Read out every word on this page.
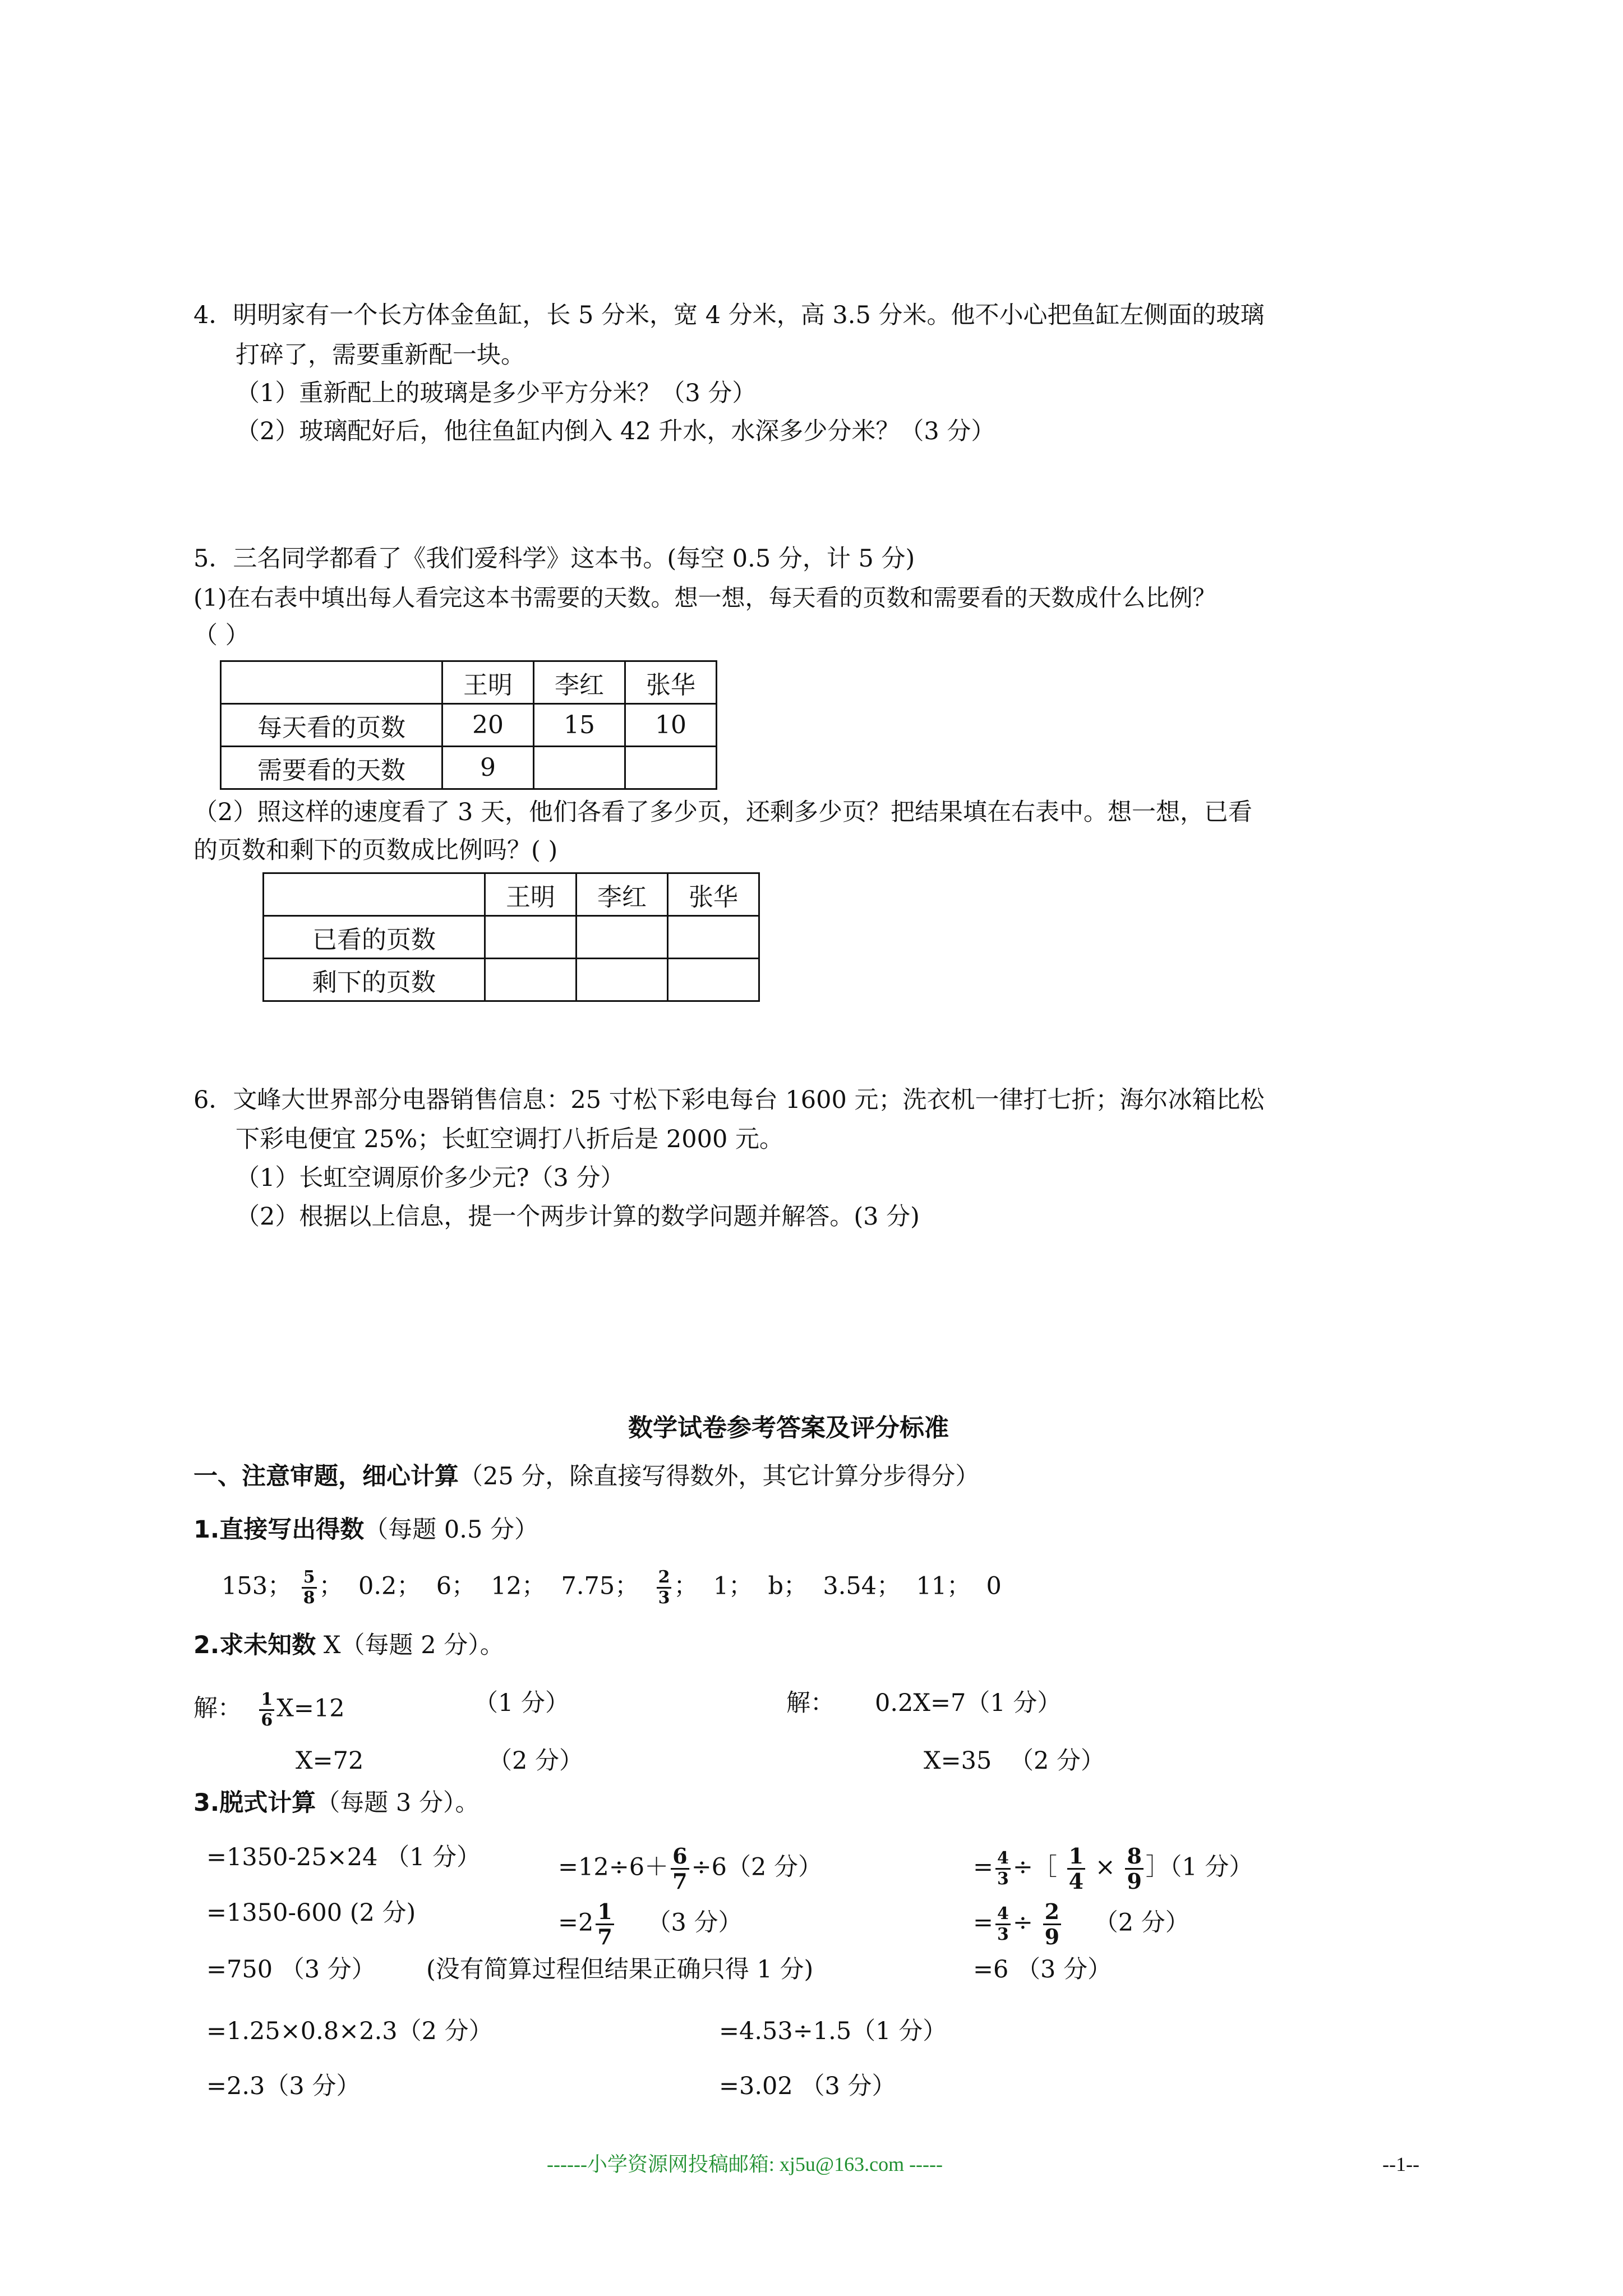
4．明明家有一个长方体金鱼缸，长 5 分米，宽 4 分米，高 3.5 分米。他不小心把鱼缸左侧面的玻璃
打碎了，需要重新配一块。
（1）重新配上的玻璃是多少平方分米？（3 分）
（2）玻璃配好后，他往鱼缸内倒入 42 升水，水深多少分米？（3 分）
5．三名同学都看了《我们爱科学》这本书。(每空 0.5 分，计 5 分)
(1)在右表中填出每人看完这本书需要的天数。想一想，每天看的页数和需要看的天数成什么比例？
（ ）
	王明	李红	张华
每天看的页数	20	15	10
需要看的天数	9		
（2）照这样的速度看了 3 天，他们各看了多少页，还剩多少页？把结果填在右表中。想一想，已看
的页数和剩下的页数成比例吗？( )
	王明	李红	张华
已看的页数			
剩下的页数			
6．文峰大世界部分电器销售信息：25 寸松下彩电每台 1600 元；洗衣机一律打七折；海尔冰箱比松
下彩电便宜 25%；长虹空调打八折后是 2000 元。
（1）长虹空调原价多少元?（3 分）
（2）根据以上信息，提一个两步计算的数学问题并解答。(3 分)
数学试卷参考答案及评分标准
一、注意审题，细心计算（25 分，除直接写得数外，其它计算分步得分）
1.直接写出得数（每题 0.5 分）
153； $\frac{5}{8}$ ； 0.2； 6； 12； 7.75； $\frac{2}{3}$ ； 1； b； 3.54； 11； 0
2.求未知数 X（每题 2 分）。
解： $\frac{1}{6} X=12$	（1 分）
X=72	（2 分）
解： 0.2X=7（1 分）
X=35 （2 分）
3.脱式计算（每题 3 分）。
=1350-25×24 （1 分）
=1350-600 (2 分)
=750 （3 分） (没有简算过程但结果正确只得 1 分)
$=12\div 6+ \frac{6}{7} \div 6(2$ 分）
$=2 \frac{1}{7} (3$ 分）
= $\frac{4}{3}$ ÷［ $\frac{1}{4} \times \frac{8}{9}$ ］（1 分）
= $\frac{4}{3} \div \frac{2}{9} (2$ 分）
=6 （3 分）
=1.25×0.8×2.3（2 分）
=2.3（3 分）
=4.53÷1.5（1 分）
=3.02 （3 分）
------小学资源网投稿邮箱: xj5u@163.com -----	--1--
